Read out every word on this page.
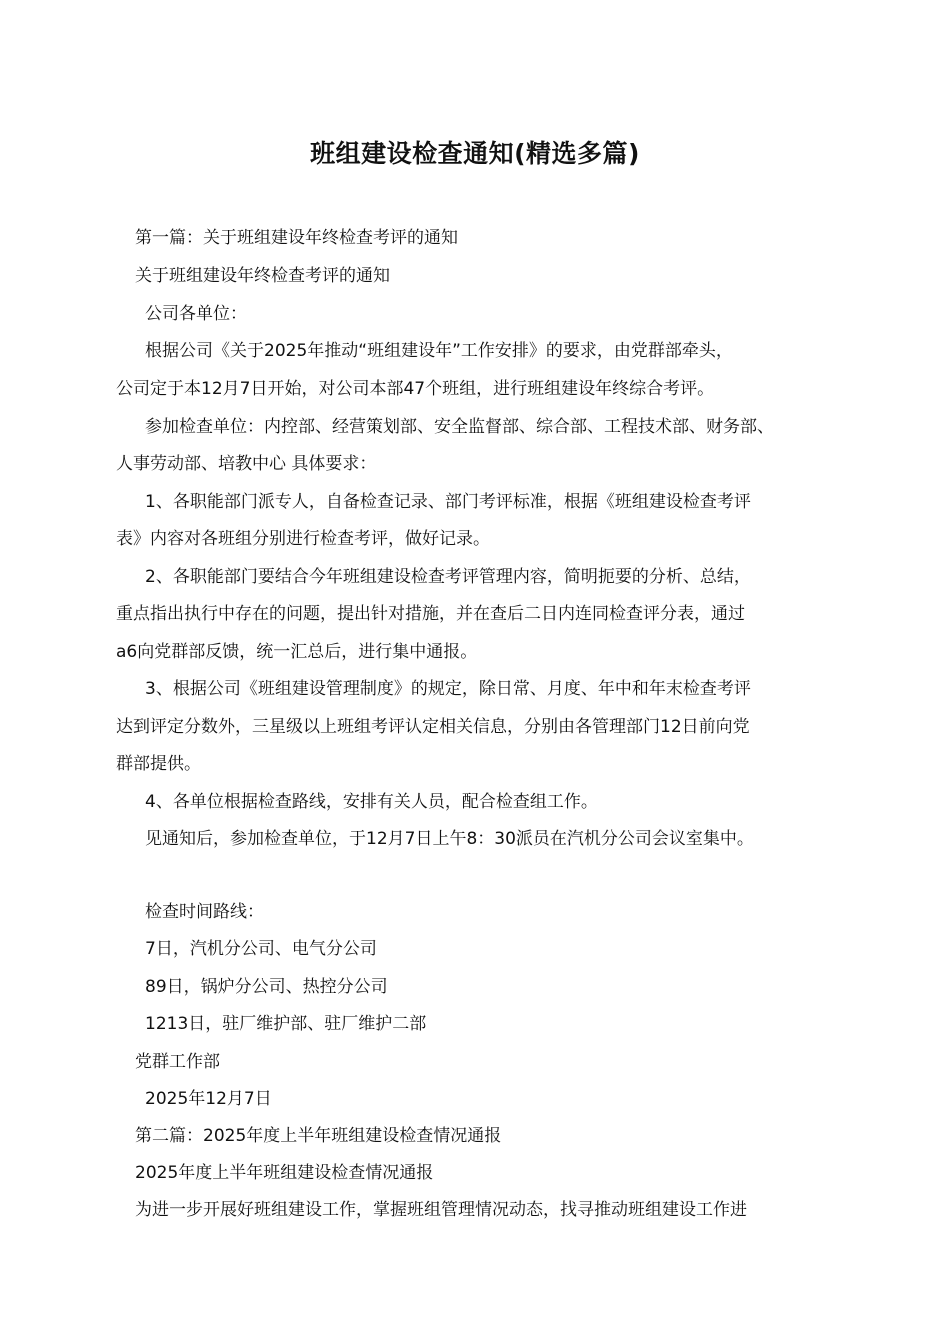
班组建设检查通知(精选多篇)
第一篇：关于班组建设年终检查考评的通知
关于班组建设年终检查考评的通知
公司各单位：
根据公司《关于2025年推动“班组建设年”工作安排》的要求，由党群部牵头，
公司定于本12月7日开始，对公司本部47个班组，进行班组建设年终综合考评。
参加检查单位：内控部、经营策划部、安全监督部、综合部、工程技术部、财务部、
人事劳动部、培教中心 具体要求：
1、各职能部门派专人，自备检查记录、部门考评标准，根据《班组建设检查考评
表》内容对各班组分别进行检查考评，做好记录。
2、各职能部门要结合今年班组建设检查考评管理内容，简明扼要的分析、总结，
重点指出执行中存在的问题，提出针对措施，并在查后二日内连同检查评分表，通过
a6向党群部反馈，统一汇总后，进行集中通报。
3、根据公司《班组建设管理制度》的规定，除日常、月度、年中和年末检查考评
达到评定分数外，三星级以上班组考评认定相关信息，分别由各管理部门12日前向党
群部提供。
4、各单位根据检查路线，安排有关人员，配合检查组工作。
见通知后，参加检查单位，于12月7日上午8：30派员在汽机分公司会议室集中。
检查时间路线：
7日，汽机分公司、电气分公司
89日，锅炉分公司、热控分公司
1213日，驻厂维护部、驻厂维护二部
党群工作部
2025年12月7日
第二篇：2025年度上半年班组建设检查情况通报
2025年度上半年班组建设检查情况通报
为进一步开展好班组建设工作，掌握班组管理情况动态，找寻推动班组建设工作进
